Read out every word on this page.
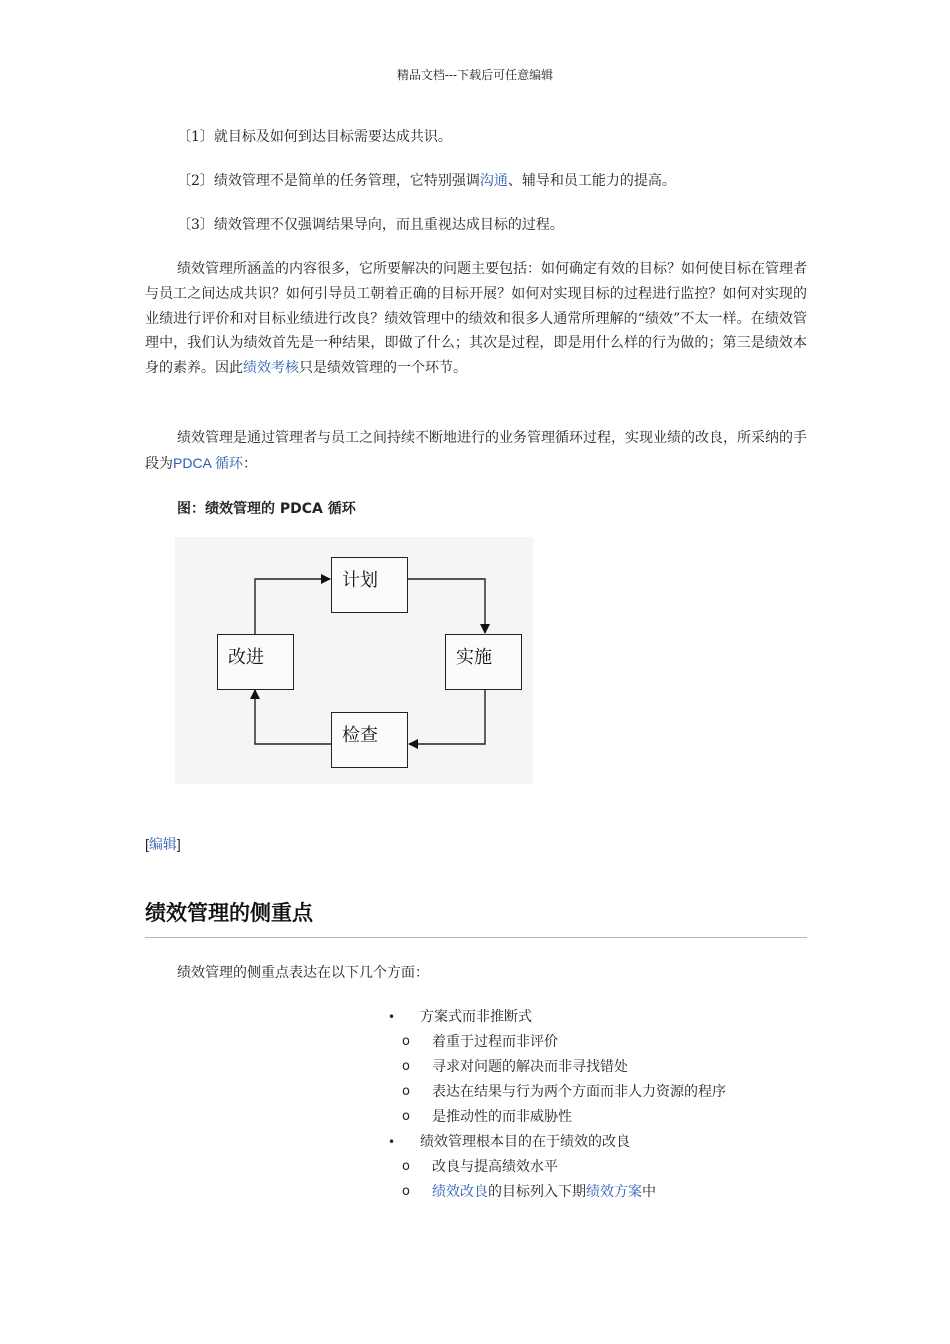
精品文档---下载后可任意编辑
〔1〕就目标及如何到达目标需要达成共识。
〔2〕绩效管理不是简单的任务管理，它特别强调沟通、辅导和员工能力的提高。
〔3〕绩效管理不仅强调结果导向，而且重视达成目标的过程。

绩效管理所涵盖的内容很多，它所要解决的问题主要包括：如何确定有效的目标？如何使目标在管理者与员工之间达成共识？如何引导员工朝着正确的目标开展？如何对实现目标的过程进行监控？如何对实现的业绩进行评价和对目标业绩进行改良？绩效管理中的绩效和很多人通常所理解的“绩效”不太一样。在绩效管理中，我们认为绩效首先是一种结果，即做了什么；其次是过程，即是用什么样的行为做的；第三是绩效本身的素养。因此绩效考核只是绩效管理的一个环节。

绩效管理是通过管理者与员工之间持续不断地进行的业务管理循环过程，实现业绩的改良，所采纳的手段为PDCA 循环：

图：绩效管理的 PDCA 循环
计划
实施
检查
改进
[编辑]
绩效管理的侧重点
绩效管理的侧重点表达在以下几个方面：
• 方案式而非推断式
o 着重于过程而非评价
o 寻求对问题的解决而非寻找错处
o 表达在结果与行为两个方面而非人力资源的程序
o 是推动性的而非威胁性
• 绩效管理根本目的在于绩效的改良
o 改良与提高绩效水平
o 绩效改良的目标列入下期绩效方案中
